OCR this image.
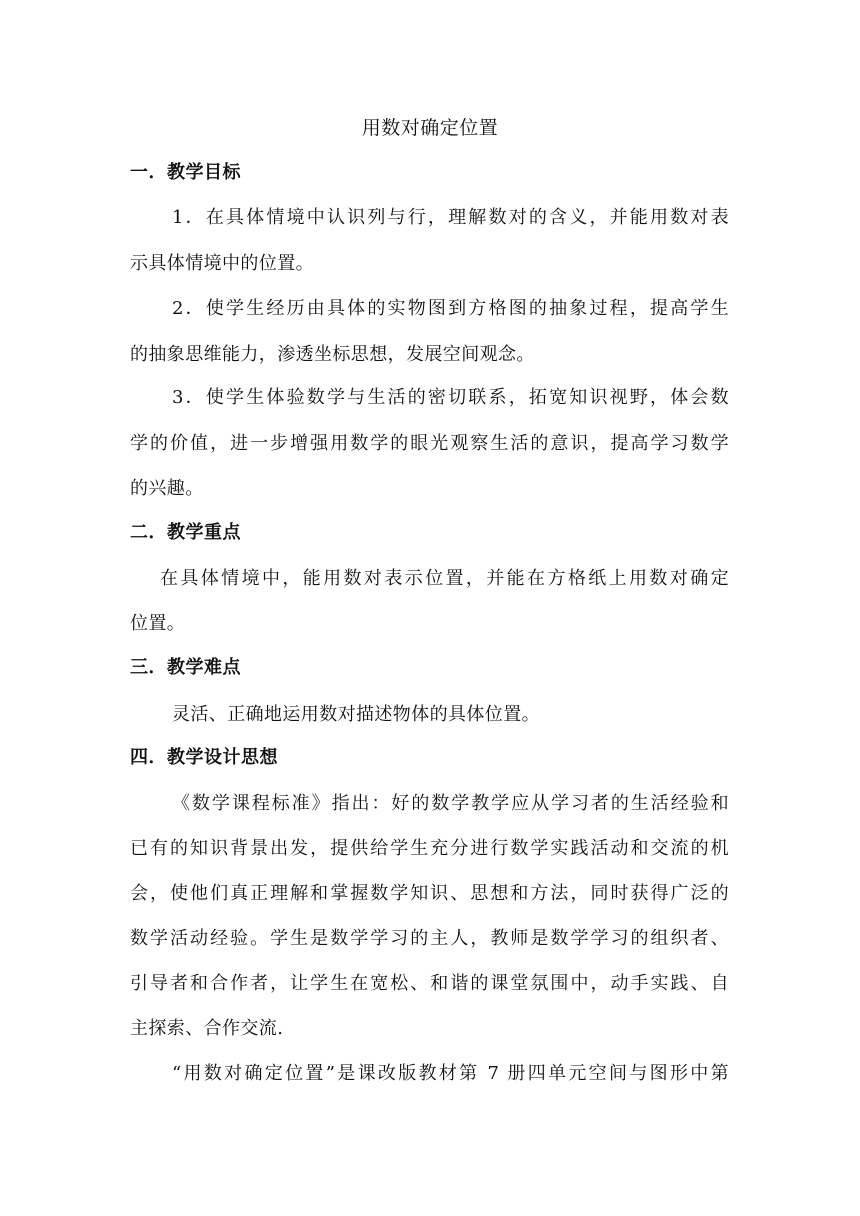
用数对确定位置
一．教学目标
1．在具体情境中认识列与行，理解数对的含义，并能用数对表
示具体情境中的位置。
2．使学生经历由具体的实物图到方格图的抽象过程，提高学生
的抽象思维能力，渗透坐标思想，发展空间观念。
3．使学生体验数学与生活的密切联系，拓宽知识视野，体会数
学的价值，进一步增强用数学的眼光观察生活的意识，提高学习数学
的兴趣。
二．教学重点
在具体情境中，能用数对表示位置，并能在方格纸上用数对确定
位置。
三．教学难点
灵活、正确地运用数对描述物体的具体位置。
四．教学设计思想
《数学课程标准》指出：好的数学教学应从学习者的生活经验和
已有的知识背景出发，提供给学生充分进行数学实践活动和交流的机
会，使他们真正理解和掌握数学知识、思想和方法，同时获得广泛的
数学活动经验。学生是数学学习的主人，教师是数学学习的组织者、
引导者和合作者，让学生在宽松、和谐的课堂氛围中，动手实践、自
主探索、合作交流.
“用数对确定位置”是课改版教材第 7 册四单元空间与图形中第
